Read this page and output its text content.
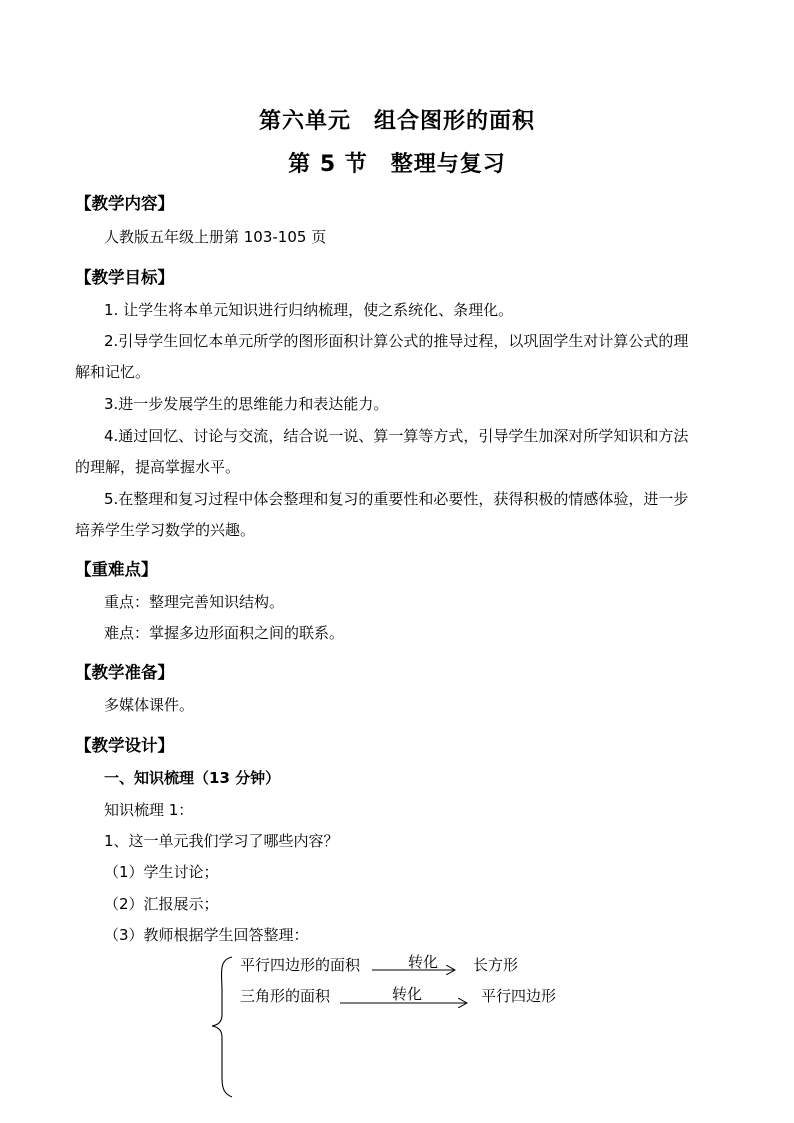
第六单元　组合图形的面积
第 5 节　整理与复习
【教学内容】
人教版五年级上册第 103-105 页
【教学目标】
1. 让学生将本单元知识进行归纳梳理，使之系统化、条理化。
2.引导学生回忆本单元所学的图形面积计算公式的推导过程，以巩固学生对计算公式的理
解和记忆。
3.进一步发展学生的思维能力和表达能力。
4.通过回忆、讨论与交流，结合说一说、算一算等方式，引导学生加深对所学知识和方法
的理解，提高掌握水平。
5.在整理和复习过程中体会整理和复习的重要性和必要性，获得积极的情感体验，进一步
培养学生学习数学的兴趣。
【重难点】
重点：整理完善知识结构。
难点：掌握多边形面积之间的联系。
【教学准备】
多媒体课件。
【教学设计】
一、知识梳理（13 分钟）
知识梳理 1：
1、这一单元我们学习了哪些内容？
（1）学生讨论；
（2）汇报展示；
（3）教师根据学生回答整理：
平行四边形的面积	转化 长方形
三角形的面积	转化	平行四边形
